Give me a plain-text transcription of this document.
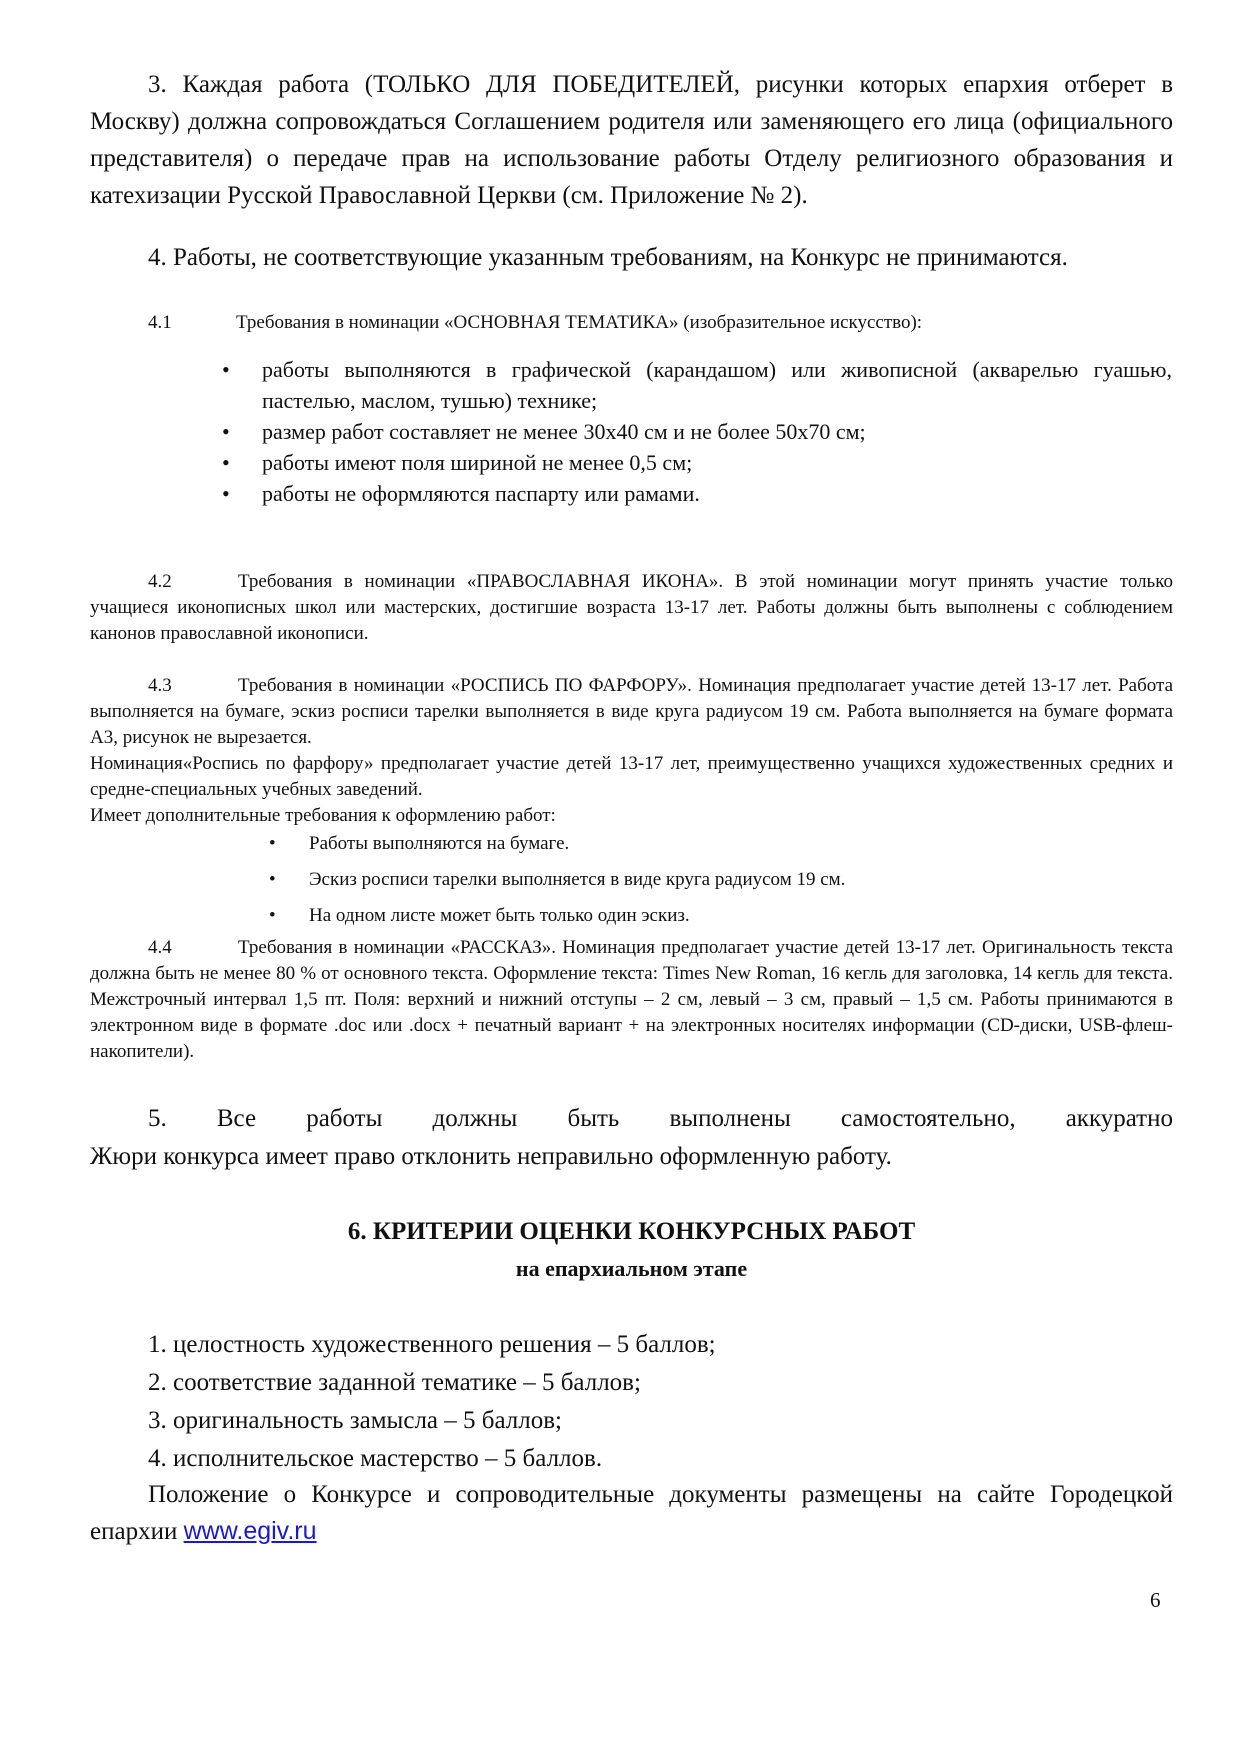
3. Каждая работа (ТОЛЬКО ДЛЯ ПОБЕДИТЕЛЕЙ, рисунки которых епархия отберет в Москву) должна сопровождаться Соглашением родителя или заменяющего его лица (официального представителя) о передаче прав на использование работы Отделу религиозного образования и катехизации Русской Православной Церкви (см. Приложение № 2).

4. Работы, не соответствующие указанным требованиям, на Конкурс не принимаются.

4.1	Требования в номинации «ОСНОВНАЯ ТЕМАТИКА» (изобразительное искусство):

• работы выполняются в графической (карандашом) или живописной (акварелью гуашью, пастелью, маслом, тушью) технике;
• размер работ составляет не менее 30х40 см и не более 50х70 см;
• работы имеют поля шириной не менее 0,5 см;
• работы не оформляются паспарту или рамами.

4.2	Требования в номинации «ПРАВОСЛАВНАЯ ИКОНА». В этой номинации могут принять участие только учащиеся иконописных школ или мастерских, достигшие возраста 13-17 лет. Работы должны быть выполнены с соблюдением канонов православной иконописи.

4.3	Требования в номинации «РОСПИСЬ ПО ФАРФОРУ». Номинация предполагает участие детей 13-17 лет. Работа выполняется на бумаге, эскиз росписи тарелки выполняется в виде круга радиусом 19 см. Работа выполняется на бумаге формата А3, рисунок не вырезается.

Номинация«Роспись по фарфору» предполагает участие детей 13-17 лет, преимущественно учащихся художественных средних и средне-специальных учебных заведений.

Имеет дополнительные требования к оформлению работ:

• Работы выполняются на бумаге.
• Эскиз росписи тарелки выполняется в виде круга радиусом 19 см.
• На одном листе может быть только один эскиз.

4.4	Требования в номинации «РАССКАЗ». Номинация предполагает участие детей 13-17 лет. Оригинальность текста должна быть не менее 80 % от основного текста. Оформление текста: Times New Roman, 16 кегль для заголовка, 14 кегль для текста. Межстрочный интервал 1,5 пт. Поля: верхний и нижний отступы – 2 см, левый – 3 см, правый – 1,5 см. Работы принимаются в электронном виде в формате .doc или .docx + печатный вариант + на электронных носителях информации (CD-диски, USB-флеш-накопители).

5. Все работы должны быть выполнены самостоятельно, аккуратно

Жюри конкурса имеет право отклонить неправильно оформленную работу.

6. КРИТЕРИИ ОЦЕНКИ КОНКУРСНЫХ РАБОТ

на епархиальном этапе

1. целостность художественного решения – 5 баллов;
2. соответствие заданной тематике – 5 баллов;
3. оригинальность замысла – 5 баллов;
4. исполнительское мастерство – 5 баллов.

Положение о Конкурсе и сопроводительные документы размещены на сайте Городецкой епархии www.egiv.ru

6
